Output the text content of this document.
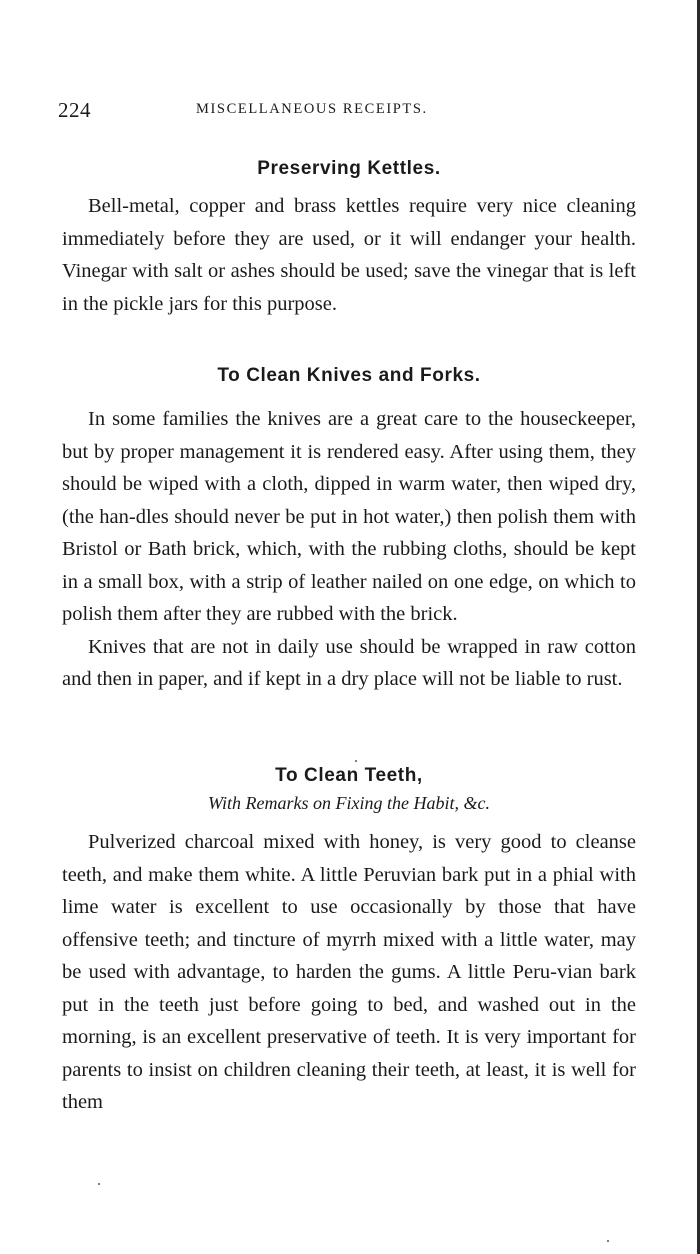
224	MISCELLANEOUS RECEIPTS.
Preserving Kettles.

Bell-metal, copper and brass kettles require very nice cleaning immediately before they are used, or it will endanger your health. Vinegar with salt or ashes should be used; save the vinegar that is left in the pickle jars for this purpose.

To Clean Knives and Forks.

In some families the knives are a great care to the houseckeeper, but by proper management it is rendered easy. After using them, they should be wiped with a cloth, dipped in warm water, then wiped dry, (the han-dles should never be put in hot water,) then polish them with Bristol or Bath brick, which, with the rubbing cloths, should be kept in a small box, with a strip of leather nailed on one edge, on which to polish them after they are rubbed with the brick.

Knives that are not in daily use should be wrapped in raw cotton and then in paper, and if kept in a dry place will not be liable to rust.

To Clean Teeth,
With Remarks on Fixing the Habit, &c.

Pulverized charcoal mixed with honey, is very good to cleanse teeth, and make them white. A little Peruvian bark put in a phial with lime water is excellent to use occasionally by those that have offensive teeth; and tincture of myrrh mixed with a little water, may be used with advantage, to harden the gums. A little Peru-vian bark put in the teeth just before going to bed, and washed out in the morning, is an excellent preservative of teeth. It is very important for parents to insist on children cleaning their teeth, at least, it is well for them
